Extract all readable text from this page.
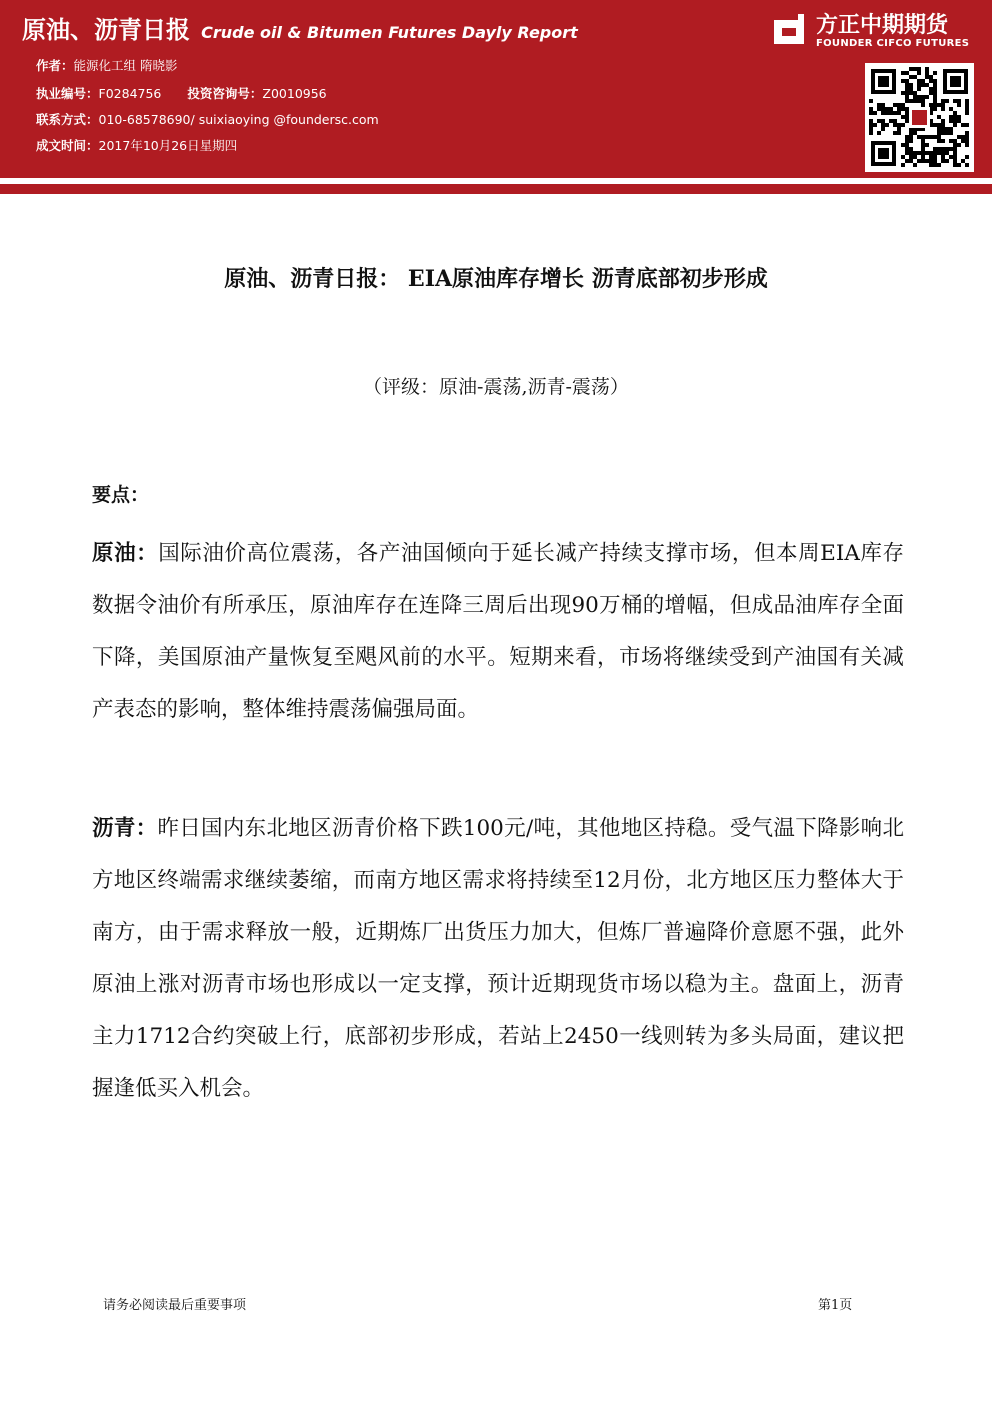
原油、沥青日报 Crude oil & Bitumen Futures Dayly Report
作者：能源化工组 隋晓影
执业编号：F0284756 投资咨询号：Z0010956
联系方式：010-68578690/ suixiaoying @foundersc.com
成文时间：2017年10月26日星期四
方正中期期货
FOUNDER CIFCO FUTURES
原油、沥青日报： EIA原油库存增长 沥青底部初步形成
（评级：原油-震荡,沥青-震荡）
要点：
原油：国际油价高位震荡，各产油国倾向于延长减产持续支撑市场，但本周EIA库存数据令油价有所承压，原油库存在连降三周后出现90万桶的增幅，但成品油库存全面下降，美国原油产量恢复至飓风前的水平。短期来看，市场将继续受到产油国有关减产表态的影响，整体维持震荡偏强局面。
沥青：昨日国内东北地区沥青价格下跌100元/吨，其他地区持稳。受气温下降影响北方地区终端需求继续萎缩，而南方地区需求将持续至12月份，北方地区压力整体大于南方，由于需求释放一般，近期炼厂出货压力加大，但炼厂普遍降价意愿不强，此外原油上涨对沥青市场也形成以一定支撑，预计近期现货市场以稳为主。盘面上，沥青主力1712合约突破上行，底部初步形成，若站上2450一线则转为多头局面，建议把握逢低买入机会。
请务必阅读最后重要事项	第1页
